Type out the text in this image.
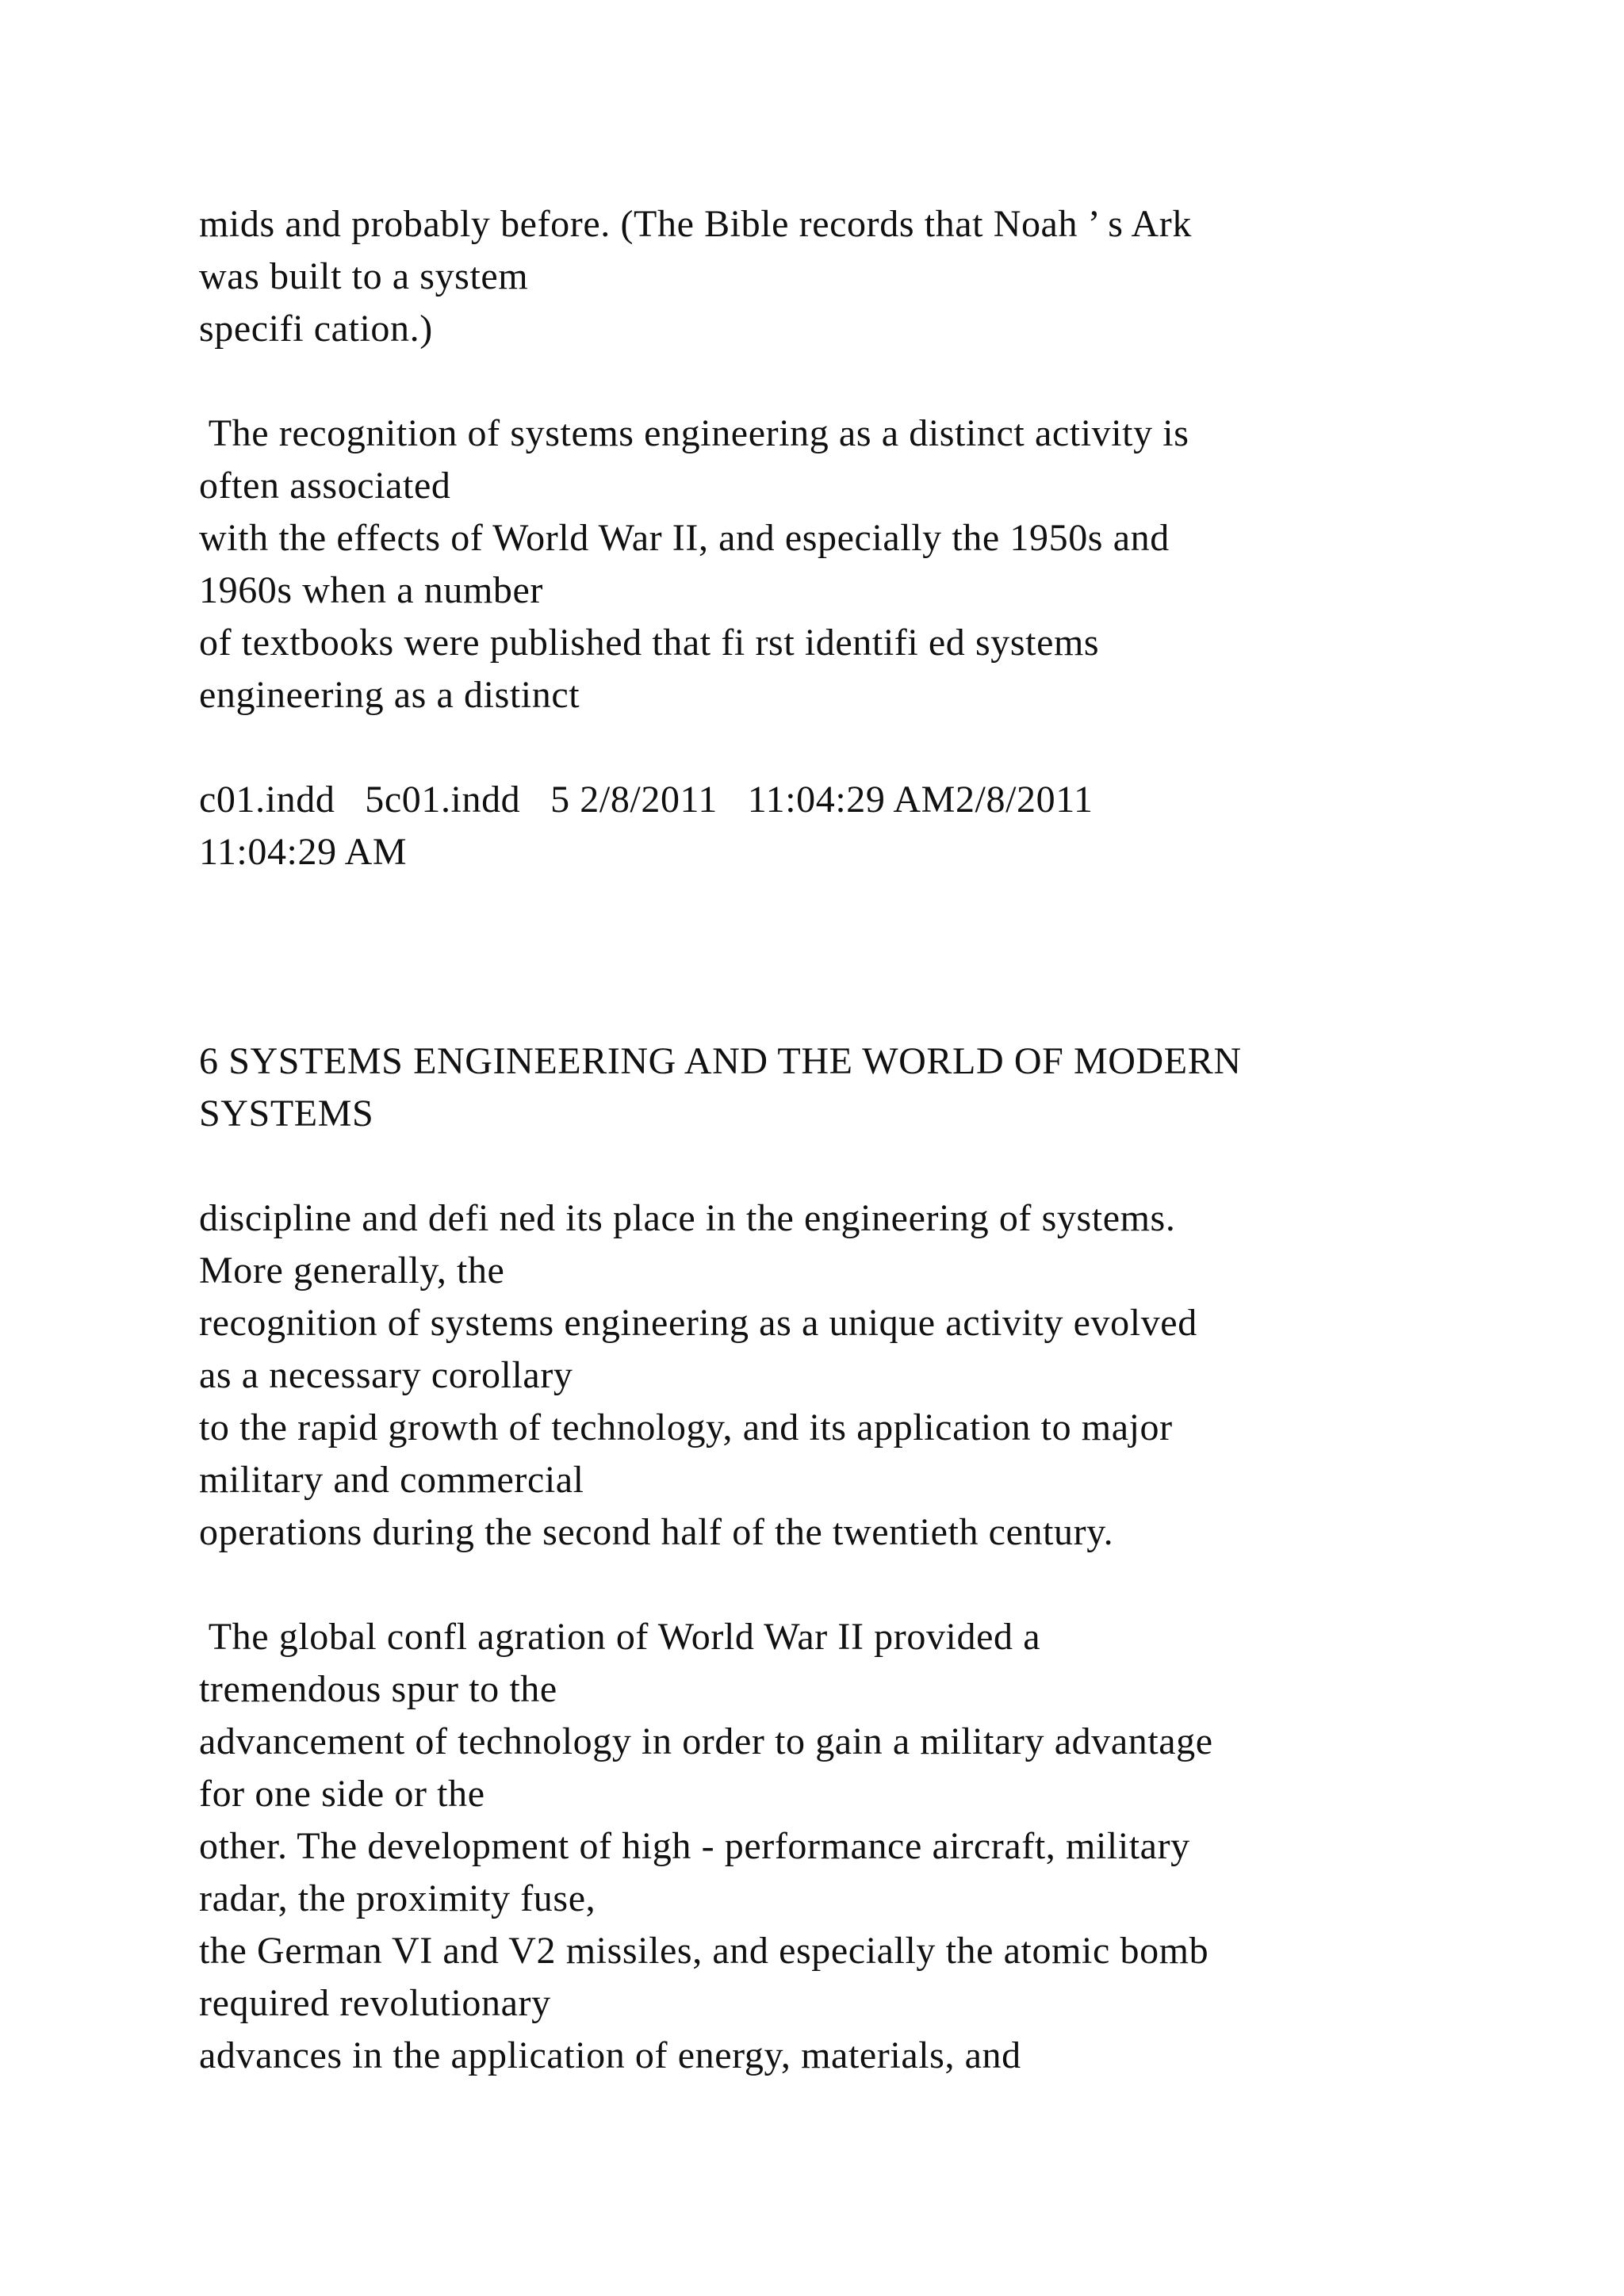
mids and probably before. (The Bible records that Noah ’ s Ark

was built to a system

specifi cation.)

The recognition of systems engineering as a distinct activity is

often associated

with the effects of World War II, and especially the 1950s and

1960s when a number

of textbooks were published that fi rst identifi ed systems

engineering as a distinct

c01.indd   5c01.indd   5 2/8/2011   11:04:29 AM2/8/2011

11:04:29 AM

6 SYSTEMS ENGINEERING AND THE WORLD OF MODERN

SYSTEMS

discipline and defi ned its place in the engineering of systems.

More generally, the

recognition of systems engineering as a unique activity evolved

as a necessary corollary

to the rapid growth of technology, and its application to major

military and commercial

operations during the second half of the twentieth century.

The global confl agration of World War II provided a

tremendous spur to the

advancement of technology in order to gain a military advantage

for one side or the

other. The development of high - performance aircraft, military

radar, the proximity fuse,

the German VI and V2 missiles, and especially the atomic bomb

required revolutionary

advances in the application of energy, materials, and
